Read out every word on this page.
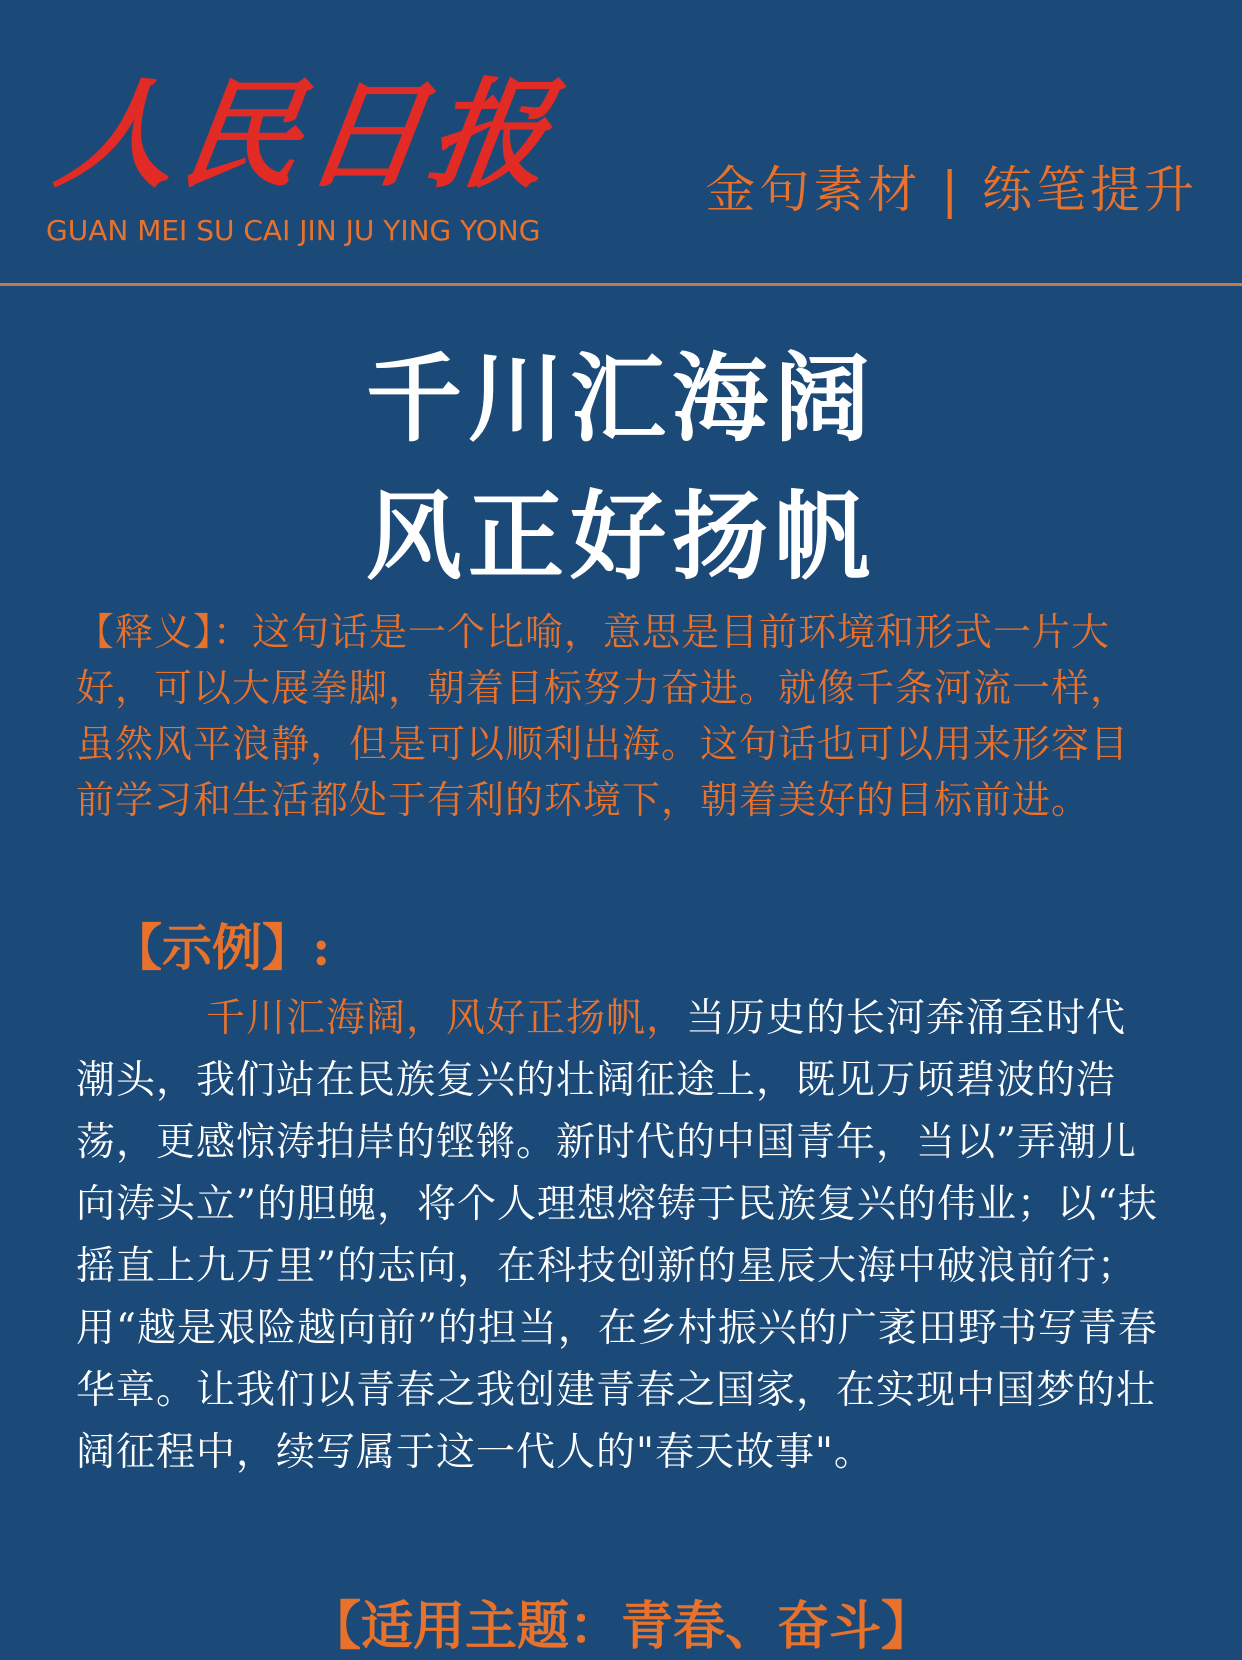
人民日报
GUAN MEI SU CAI JIN JU YING YONG
金句素材 | 练笔提升
千川汇海阔
风正好扬帆
【释义】：这句话是一个比喻，意思是目前环境和形式一片大好，可以大展拳脚，朝着目标努力奋进。就像千条河流一样，虽然风平浪静，但是可以顺利出海。这句话也可以用来形容目前学习和生活都处于有利的环境下，朝着美好的目标前进。
【示例】:
千川汇海阔，风好正扬帆，当历史的长河奔涌至时代潮头，我们站在民族复兴的壮阔征途上，既见万顷碧波的浩荡，更感惊涛拍岸的铿锵。新时代的中国青年，当以”弄潮儿向涛头立”的胆魄，将个人理想熔铸于民族复兴的伟业；以“扶摇直上九万里”的志向，在科技创新的星辰大海中破浪前行；用“越是艰险越向前”的担当，在乡村振兴的广袤田野书写青春华章。让我们以青春之我创建青春之国家，在实现中国梦的壮阔征程中，续写属于这一代人的"春天故事"。
【适用主题：青春、奋斗】
